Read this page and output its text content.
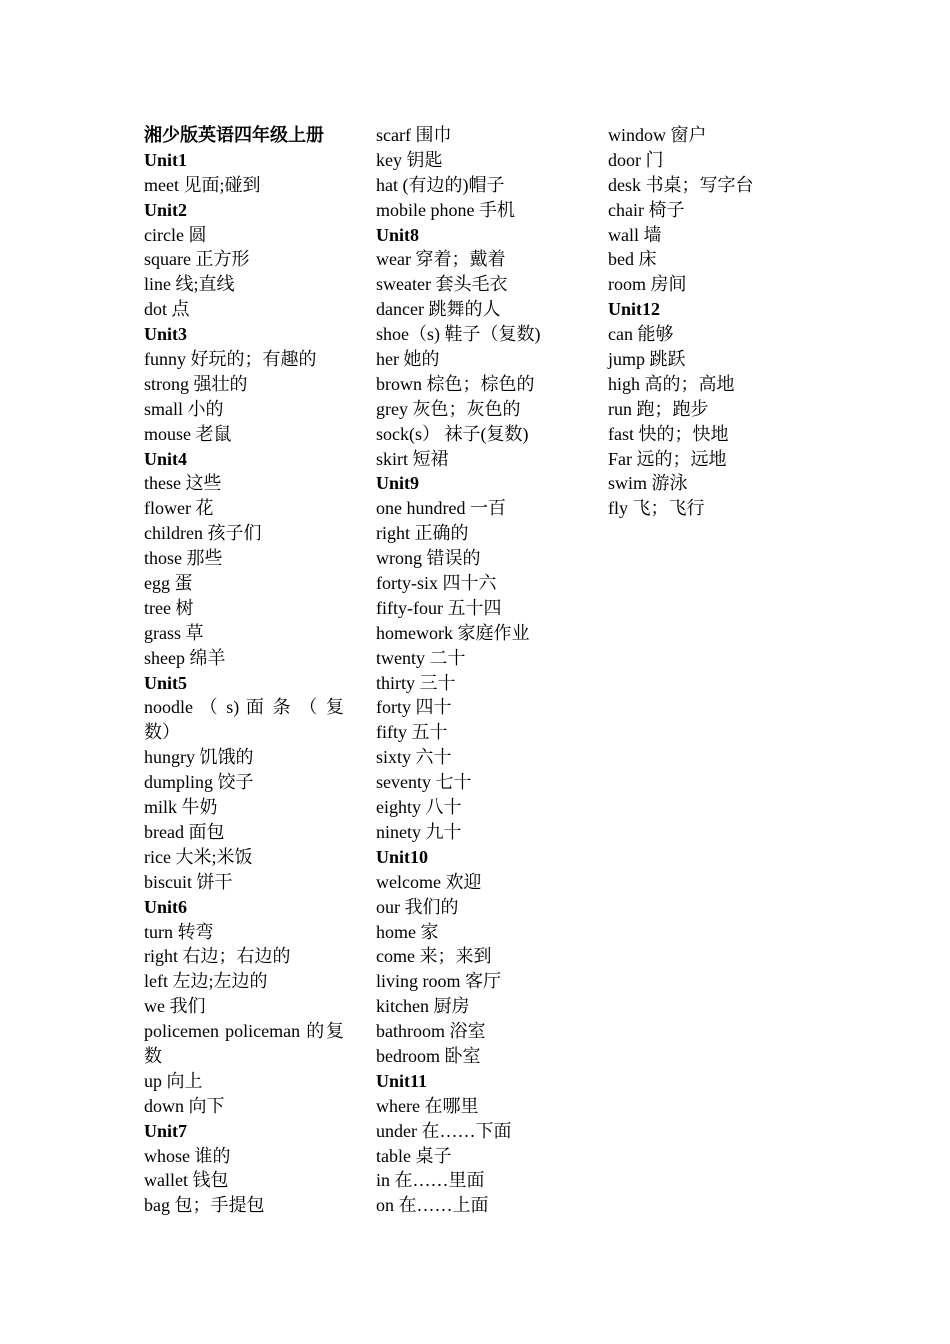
湘少版英语四年级上册
Unit1
meet 见面;碰到
Unit2
circle 圆
square 正方形
line 线;直线
dot 点
Unit3
funny 好玩的；有趣的
strong 强壮的
small 小的
mouse 老鼠
Unit4
these 这些
flower 花
children 孩子们
those 那些
egg 蛋
tree 树
grass 草
sheep 绵羊
Unit5
noodle （ s) 面 条 （ 复 数）
hungry 饥饿的
dumpling 饺子
milk 牛奶
bread 面包
rice 大米;米饭
biscuit 饼干
Unit6
turn 转弯
right 右边；右边的
left 左边;左边的
we 我们
policemen policeman 的复数
up 向上
down 向下
Unit7
whose 谁的
wallet 钱包
bag 包；手提包
scarf 围巾
key 钥匙
hat (有边的)帽子
mobile phone 手机
Unit8
wear 穿着；戴着
sweater 套头毛衣
dancer 跳舞的人
shoe（s) 鞋子（复数)
her 她的
brown 棕色；棕色的
grey 灰色；灰色的
sock(s） 袜子(复数)
skirt 短裙
Unit9
one hundred 一百
right 正确的
wrong 错误的
forty-six 四十六
fifty-four 五十四
homework 家庭作业
twenty 二十
thirty 三十
forty 四十
fifty 五十
sixty 六十
seventy 七十
eighty 八十
ninety 九十
Unit10
welcome 欢迎
our 我们的
home 家
come 来；来到
living room 客厅
kitchen 厨房
bathroom 浴室
bedroom 卧室
Unit11
where 在哪里
under 在……下面
table 桌子
in 在……里面
on 在……上面
window 窗户
door 门
desk 书桌；写字台
chair 椅子
wall 墙
bed 床
room 房间
Unit12
can 能够
jump 跳跃
high 高的；高地
run 跑；跑步
fast 快的；快地
Far 远的；远地
swim 游泳
fly 飞；飞行
